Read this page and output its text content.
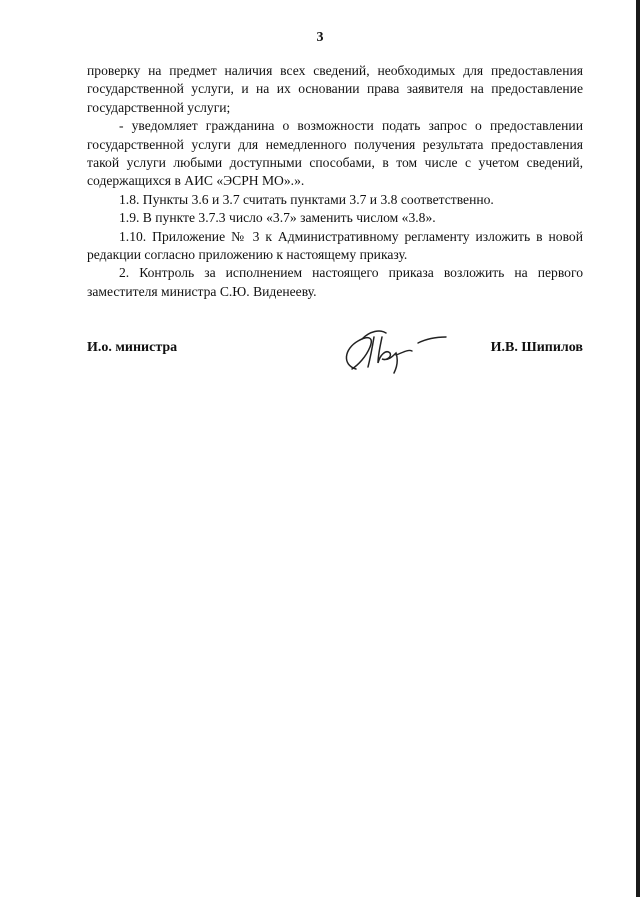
3

проверку на предмет наличия всех сведений, необходимых для предоставления государственной услуги, и на их основании права заявителя на предоставление государственной услуги;

- уведомляет гражданина о возможности подать запрос о предоставлении государственной услуги для немедленного получения результата предоставления такой услуги любыми доступными способами, в том числе с учетом сведений, содержащихся в АИС «ЭСРН МО».».

1.8. Пункты 3.6 и 3.7 считать пунктами 3.7 и 3.8 соответственно.

1.9. В пункте 3.7.3 число «3.7» заменить числом «3.8».

1.10. Приложение № 3 к Административному регламенту изложить в новой редакции согласно приложению к настоящему приказу.

2. Контроль за исполнением настоящего приказа возложить на первого заместителя министра С.Ю. Виденееву.

И.о. министра	И.В. Шипилов
